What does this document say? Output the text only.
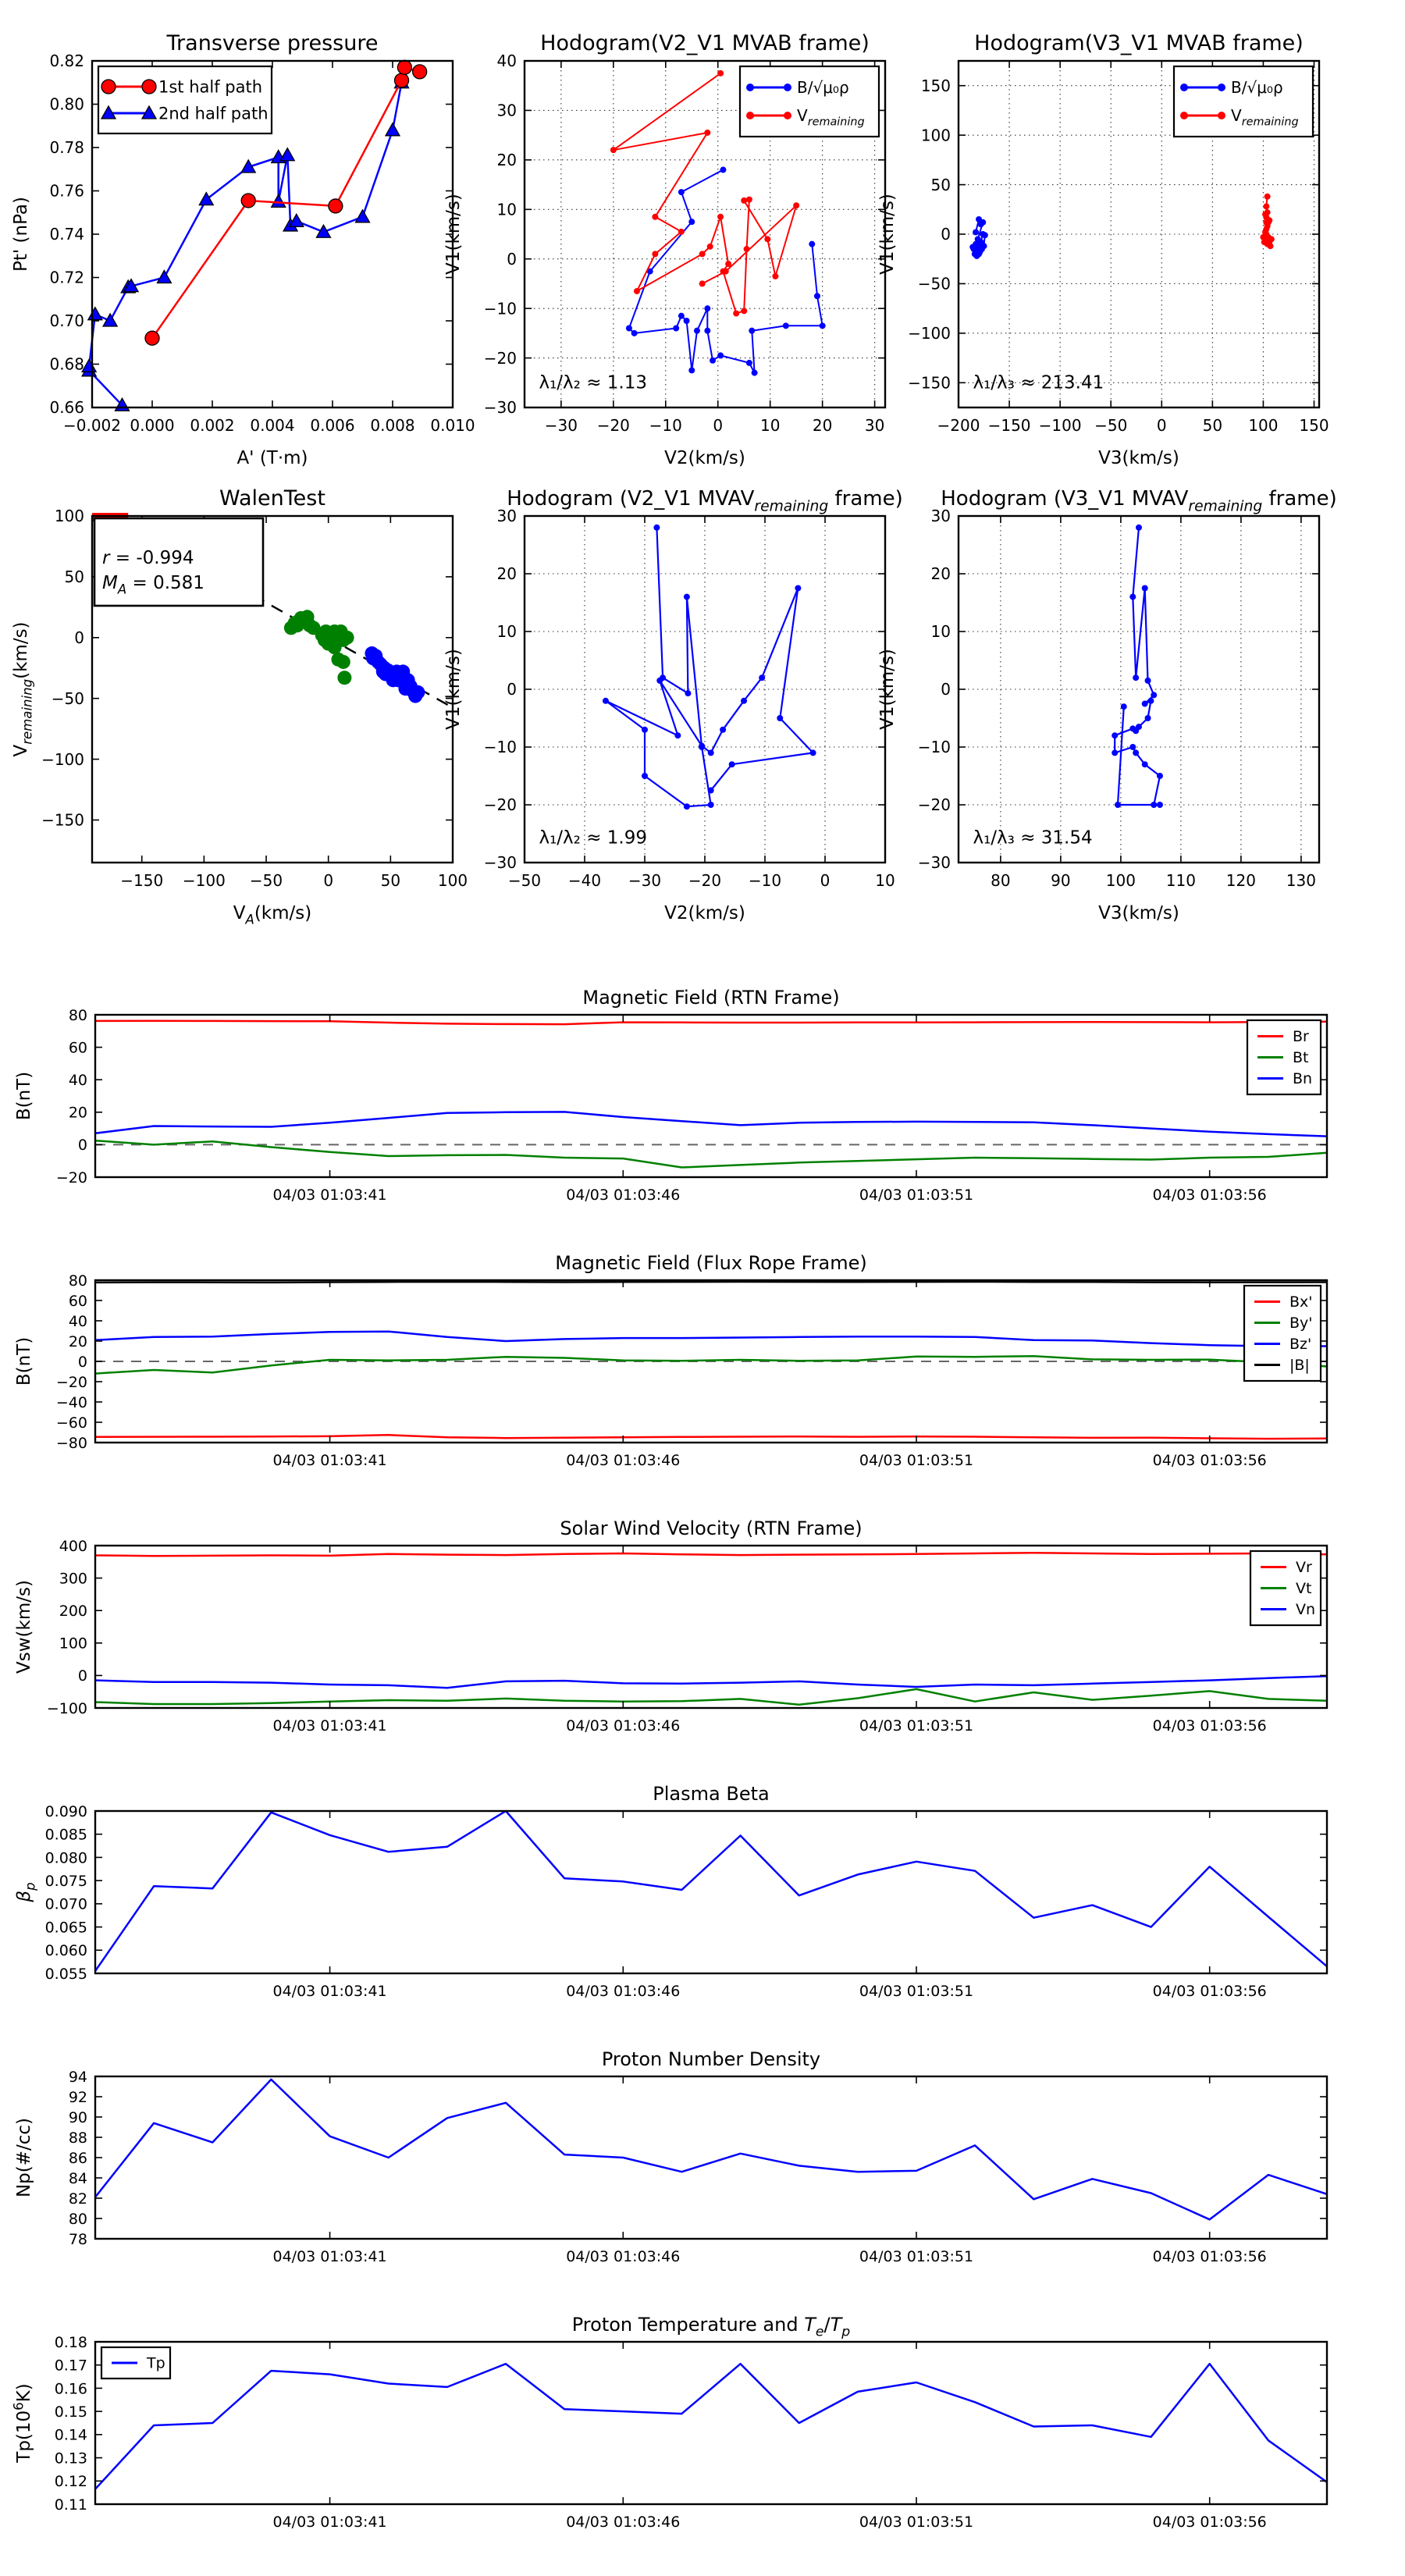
−0.002 0.000 0.002 0.004 0.006 0.008 0.010
0.66
0.68
0.70
0.72
0.74
0.76
0.78
0.80
0.82
Transverse pressure
A' (T·m)
Pt' (nPa)
1st half path
2nd half path
−30 −20 −10 0 10 20 30
−30
−20
−10
0
10
20
30
40
Hodogram(V2_V1 MVAB frame)
V2(km/s)
V1(km/s)
λ₁/λ₂ ≈ 1.13
B/√μ₀ρ
$V_{remaining}$
−200 −150 −100 −50 0 50 100 150
−150
−100
−50
0
50
100
150
Hodogram(V3_V1 MVAB frame)
V3(km/s)
V1(km/s)
λ₁/λ₃ ≈ 213.41
B/√μ₀ρ
$V_{remaining}$
−150 −100 −50	0	50 100
−150
−100
−50
0
50
100
WalenTest
$V_A(km/s)$
$V_{remaining}(km/s)$
r = -0.994
$M_A = 0.581$
−50 −40 −30 −20 −10 0	10
−30
−20
−10
0
10
20
30
Hodogram (V2_V1 $MVAV_{remaining}$ frame)
V2(km/s)
V1(km/s)
λ₁/λ₂ ≈ 1.99
80	90 100 110 120 130
−30
−20
−10
0
10
20
30
Hodogram (V3_V1 $MVAV_{remaining}$ frame)
V3(km/s)
V1(km/s)
λ₁/λ₃ ≈ 31.54
04/03 01:03:41	04/03 01:03:46	04/03 01:03:51	04/03 01:03:56
−20
0
20
40
60
80
Magnetic Field (RTN Frame)
B(nT)
Br
Bt
Bn
04/03 01:03:41	04/03 01:03:46	04/03 01:03:51	04/03 01:03:56
−80
−60
−40
−20
0
20
40
60
80
Magnetic Field (Flux Rope Frame)
B(nT)
Bx'
By'
Bz'
|B|
04/03 01:03:41	04/03 01:03:46	04/03 01:03:51	04/03 01:03:56
−100
0
100
200
300
400
Solar Wind Velocity (RTN Frame)
Vsw(km/s)
Vr
Vt
Vn
04/03 01:03:41	04/03 01:03:46	04/03 01:03:51	04/03 01:03:56
0.055
0.060
0.065
0.070
0.075
0.080
0.085
0.090
Plasma Beta
$\beta_p$
04/03 01:03:41	04/03 01:03:46	04/03 01:03:51	04/03 01:03:56
78
80
82
84
86
88
90
92
94
Proton Number Density
Np(#/cc)
04/03 01:03:41	04/03 01:03:46	04/03 01:03:51	04/03 01:03:56
0.11
0.12
0.13
0.14
0.15
0.16
0.17
0.18
Proton Temperature and $T_e/T_p$
$Tp(10^6K)$
Tp
